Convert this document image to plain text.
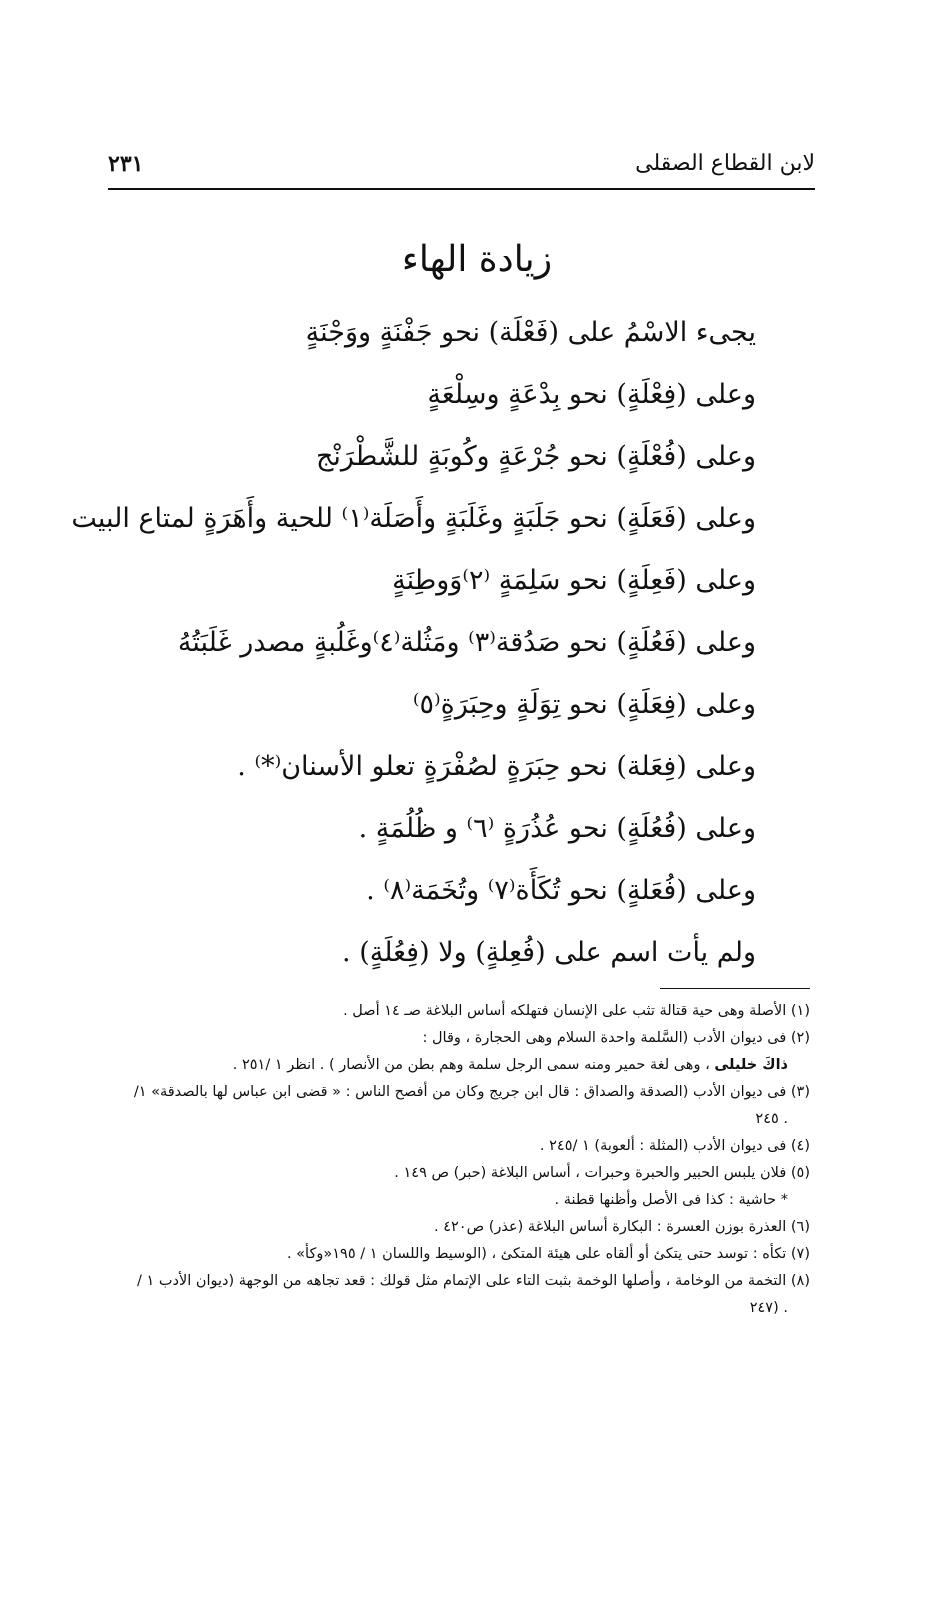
لابن القطاع الصقلى
٢٣١
زيادة الهاء
يجىء الاسْمُ على (فَعْلَة) نحو جَفْنَةٍ ووَجْنَةٍ
وعلى (فِعْلَةٍ) نحو بِدْعَةٍ وسِلْعَةٍ
وعلى (فُعْلَةٍ) نحو جُرْعَةٍ وكُوبَةٍ للشَّطْرَنْج
وعلى (فَعَلَةٍ) نحو جَلَبَةٍ وغَلَبَةٍ وأَصَلَة⁽١⁾ للحية وأَهَرَةٍ لمتاع البيت
وعلى (فَعِلَةٍ) نحو سَلِمَةٍ ⁽٢⁾وَوطِنَةٍ
وعلى (فَعُلَةٍ) نحو صَدُقة⁽٣⁾ ومَثُلة⁽٤⁾وغَلُبةٍ مصدر غَلَبَتُهُ
وعلى (فِعَلَةٍ) نحو تِوَلَةٍ وحِبَرَةٍ⁽٥⁾
وعلى (فِعَلة) نحو حِبَرَةٍ لصُفْرَةٍ تعلو الأسنان⁽*⁾ .
وعلى (فُعُلَةٍ) نحو عُذُرَةٍ ⁽٦⁾ و ظُلُمَةٍ .
وعلى (فُعَلةٍ) نحو تُكَأَة⁽٧⁾ وتُخَمَة⁽٨⁾ .
ولم يأت اسم على (فُعِلةٍ) ولا (فِعُلَةٍ) .
(١) الأصلة وهى حية قتالة تثب على الإنسان فتهلكه أساس البلاغة صـ ١٤ أصل .
(٢) فى ديوان الأدب (السَّلمة واحدة السلام وهى الحجارة ، وقال :
ذاكَ خليلى ، وهى لغة حمير ومنه سمى الرجل سلمة وهم بطن من الأنصار ) . انظر ١ /٢٥١ .
(٣) فى ديوان الأدب (الصدقة والصداق : قال ابن جريج وكان من أفصح الناس : « قضى ابن عباس لها بالصدقة» ١/
. ٢٤٥
(٤) فى ديوان الأدب (المثلة : ألعوبة) ١ /٢٤٥ .
(٥) فلان يلبس الحبير والحبرة وحبرات ، أساس البلاغة (حبر) ص ١٤٩ .
* حاشية : كذا فى الأصل وأظنها قطنة .
(٦) العذرة بوزن العسرة : البكارة أساس البلاغة (عذر) ص٤٢٠ .
(٧) تكأه : توسد حتى يتكئ أو ألقاه على هيئة المتكئ ، (الوسيط واللسان ١ / ١٩٥«وكأ» .
(٨) التخمة من الوخامة ، وأصلها الوخمة بثبت التاء على الإتمام مثل قولك : قعد تجاهه من الوجهة (ديوان الأدب ١ /
. (٢٤٧
